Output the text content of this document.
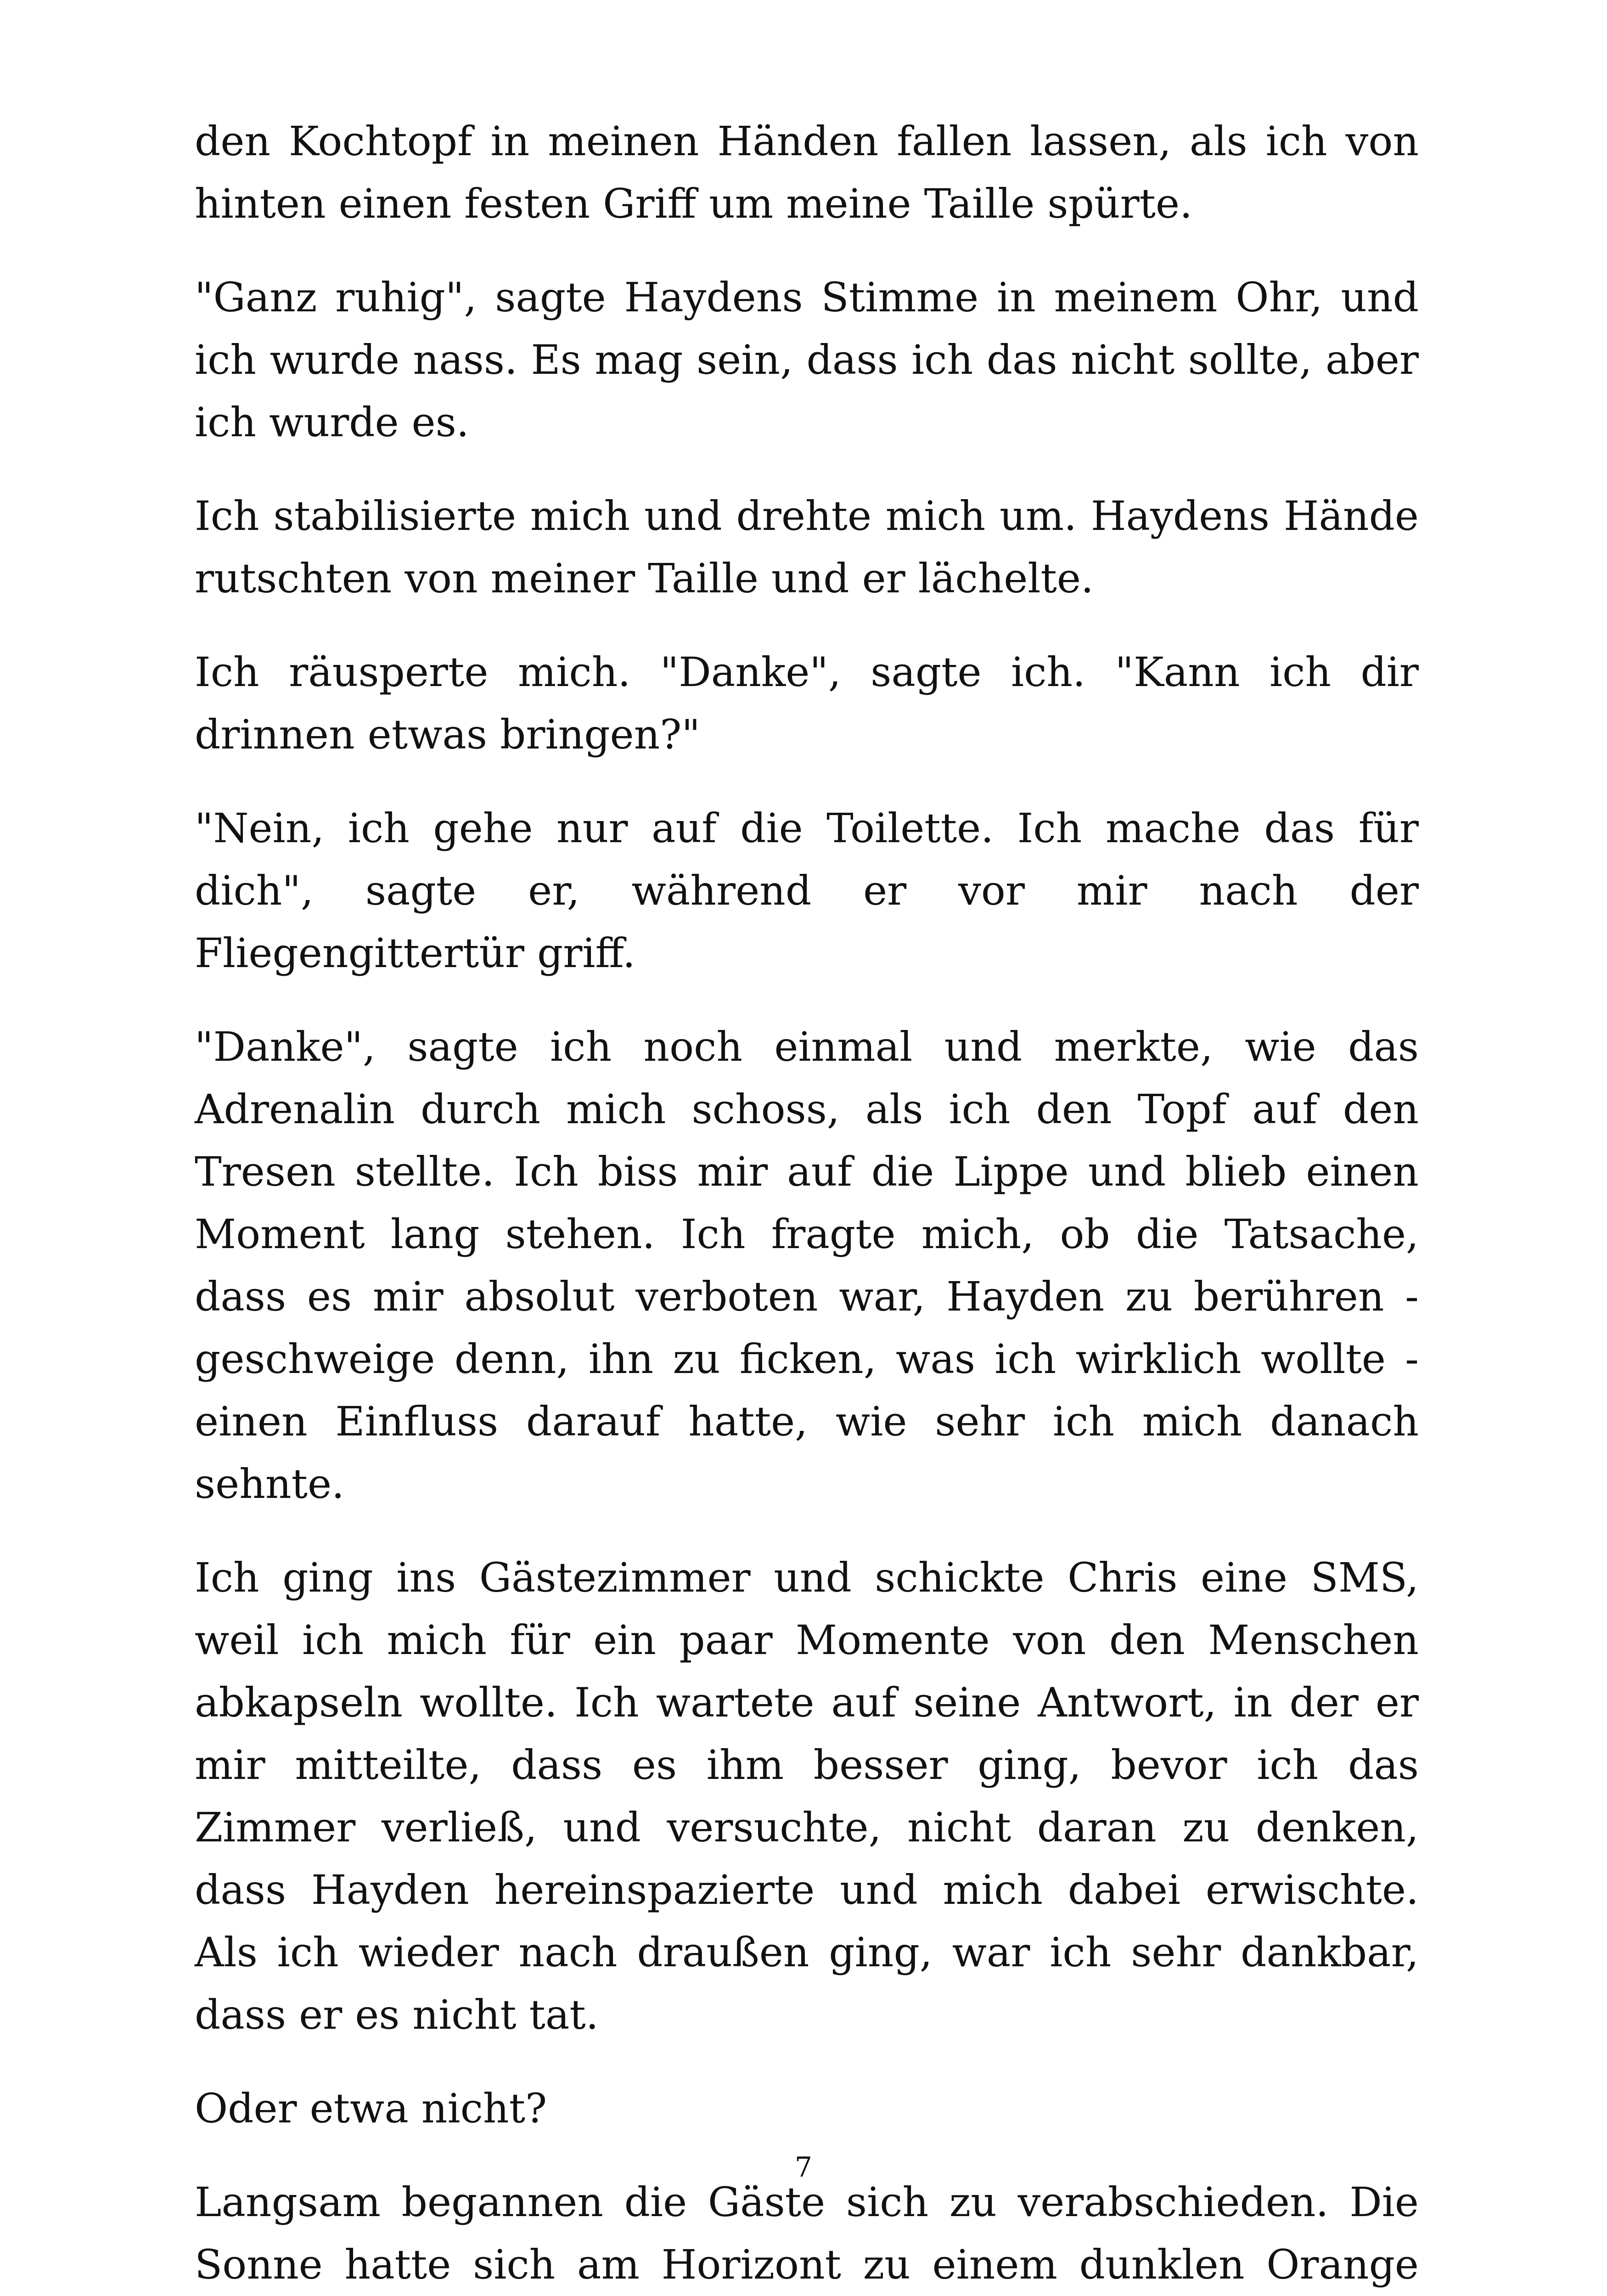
den Kochtopf in meinen Händen fallen lassen, als ich von hinten einen festen Griff um meine Taille spürte.

"Ganz ruhig", sagte Haydens Stimme in meinem Ohr, und ich wurde nass. Es mag sein, dass ich das nicht sollte, aber ich wurde es.

Ich stabilisierte mich und drehte mich um. Haydens Hände rutschten von meiner Taille und er lächelte.

Ich räusperte mich. "Danke", sagte ich. "Kann ich dir drinnen etwas bringen?"

"Nein, ich gehe nur auf die Toilette. Ich mache das für dich", sagte er, während er vor mir nach der Fliegengittertür griff.

"Danke", sagte ich noch einmal und merkte, wie das Adrenalin durch mich schoss, als ich den Topf auf den Tresen stellte. Ich biss mir auf die Lippe und blieb einen Moment lang stehen. Ich fragte mich, ob die Tatsache, dass es mir absolut verboten war, Hayden zu berühren - geschweige denn, ihn zu ficken, was ich wirklich wollte - einen Einfluss darauf hatte, wie sehr ich mich danach sehnte.

Ich ging ins Gästezimmer und schickte Chris eine SMS, weil ich mich für ein paar Momente von den Menschen abkapseln wollte. Ich wartete auf seine Antwort, in der er mir mitteilte, dass es ihm besser ging, bevor ich das Zimmer verließ, und versuchte, nicht daran zu denken, dass Hayden hereinspazierte und mich dabei erwischte. Als ich wieder nach draußen ging, war ich sehr dankbar, dass er es nicht tat.

Oder etwa nicht?

Langsam begannen die Gäste sich zu verabschieden. Die Sonne hatte sich am Horizont zu einem dunklen Orange

7
